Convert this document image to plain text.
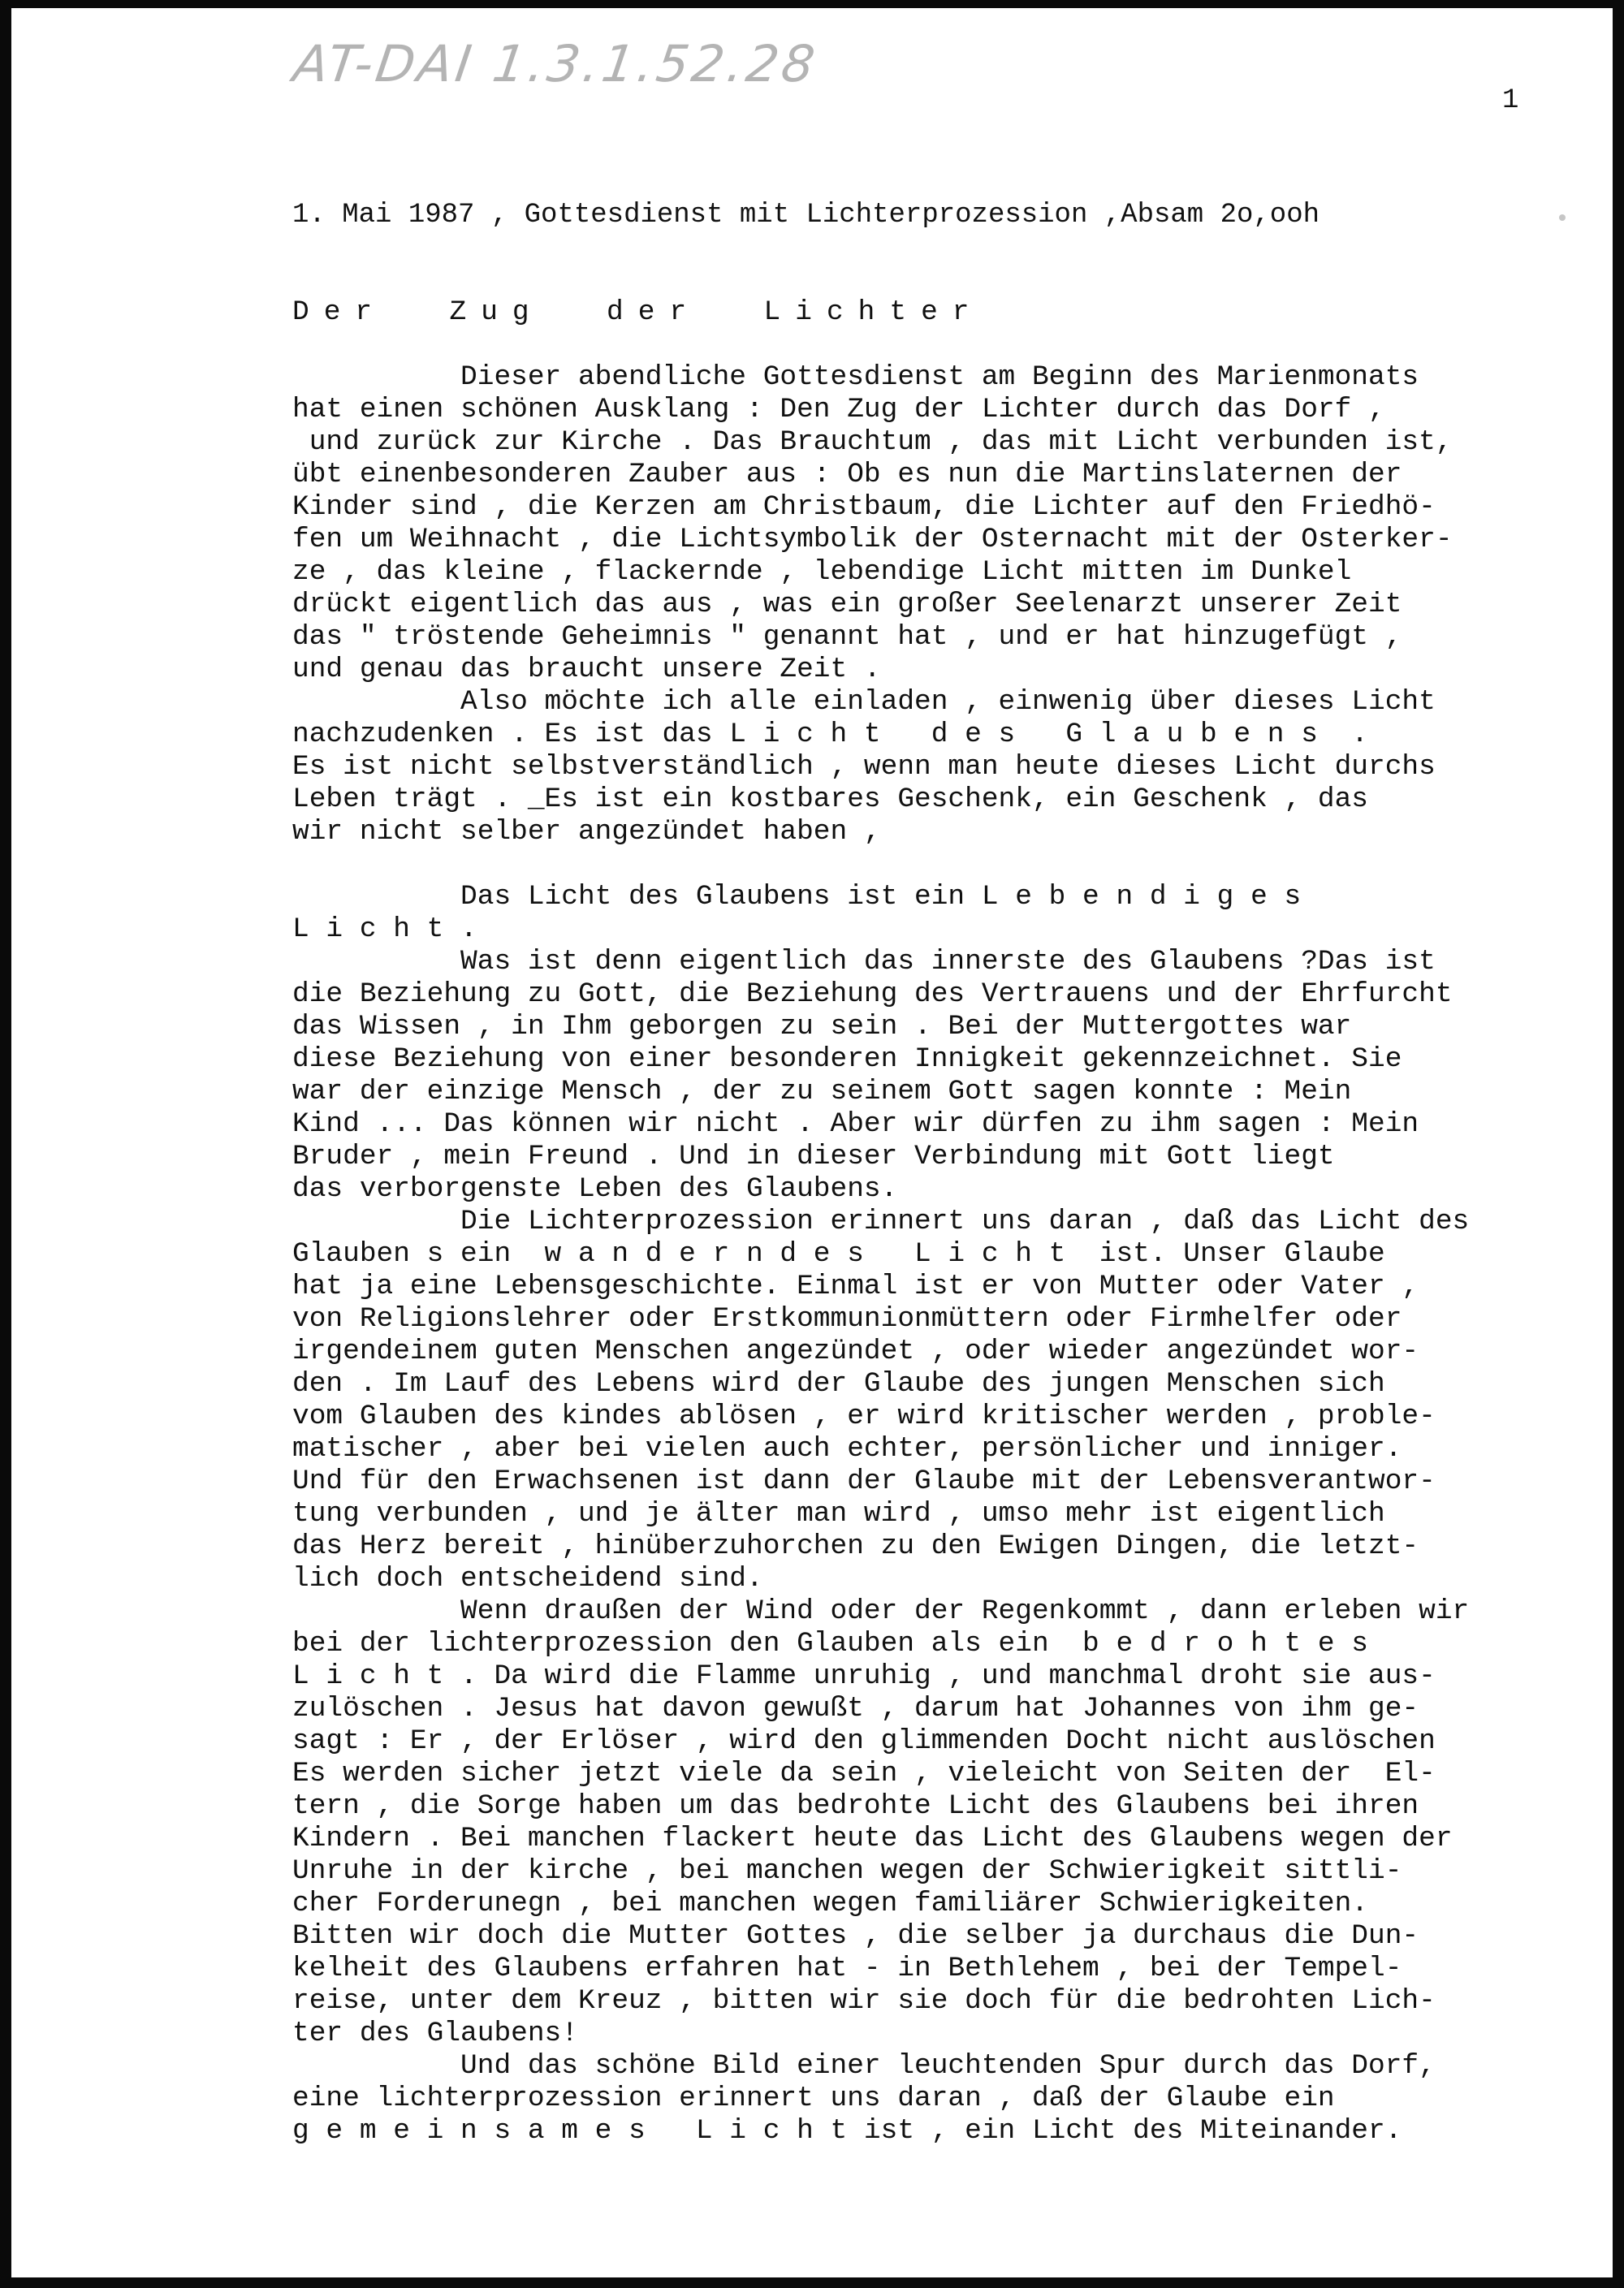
AT-DAI 1.3.1.52.28
1
1. Mai 1987 , Gottesdienst mit Lichterprozession ,Absam 2o,ooh
Der  Zug  der  Lichter
Dieser abendliche Gottesdienst am Beginn des Marienmonats
hat einen schönen Ausklang : Den Zug der Lichter durch das Dorf ,
und zurück zur Kirche . Das Brauchtum , das mit Licht verbunden ist,
übt einenbesonderen Zauber aus : Ob es nun die Martinslaternen der
Kinder sind , die Kerzen am Christbaum, die Lichter auf den Friedhö-
fen um Weihnacht , die Lichtsymbolik der Osternacht mit der Osterker-
ze , das kleine , flackernde , lebendige Licht mitten im Dunkel
drückt eigentlich das aus , was ein großer Seelenarzt unserer Zeit
das " tröstende Geheimnis " genannt hat , und er hat hinzugefügt ,
und genau das braucht unsere Zeit .
Also möchte ich alle einladen , einwenig über dieses Licht
nachzudenken . Es ist das L i c h t   d e s   G l a u b e n s  .
Es ist nicht selbstverständlich , wenn man heute dieses Licht durchs
Leben trägt . _Es ist ein kostbares Geschenk, ein Geschenk , das
wir nicht selber angezündet haben ,
Das Licht des Glaubens ist ein L e b e n d i g e s
L i c h t .
Was ist denn eigentlich das innerste des Glaubens ?Das ist
die Beziehung zu Gott, die Beziehung des Vertrauens und der Ehrfurcht
das Wissen , in Ihm geborgen zu sein . Bei der Muttergottes war
diese Beziehung von einer besonderen Innigkeit gekennzeichnet. Sie
war der einzige Mensch , der zu seinem Gott sagen konnte : Mein
Kind ... Das können wir nicht . Aber wir dürfen zu ihm sagen : Mein
Bruder , mein Freund . Und in dieser Verbindung mit Gott liegt
das verborgenste Leben des Glaubens.
Die Lichterprozession erinnert uns daran , daß das Licht des
Glauben s ein  w a n d e r n d e s   L i c h t  ist. Unser Glaube
hat ja eine Lebensgeschichte. Einmal ist er von Mutter oder Vater ,
von Religionslehrer oder Erstkommunionmüttern oder Firmhelfer oder
irgendeinem guten Menschen angezündet , oder wieder angezündet wor-
den . Im Lauf des Lebens wird der Glaube des jungen Menschen sich
vom Glauben des kindes ablösen , er wird kritischer werden , proble-
matischer , aber bei vielen auch echter, persönlicher und inniger.
Und für den Erwachsenen ist dann der Glaube mit der Lebensverantwor-
tung verbunden , und je älter man wird , umso mehr ist eigentlich
das Herz bereit , hinüberzuhorchen zu den Ewigen Dingen, die letzt-
lich doch entscheidend sind.
Wenn draußen der Wind oder der Regenkommt , dann erleben wir
bei der lichterprozession den Glauben als ein  b e d r o h t e s
L i c h t . Da wird die Flamme unruhig , und manchmal droht sie aus-
zulöschen . Jesus hat davon gewußt , darum hat Johannes von ihm ge-
sagt : Er , der Erlöser , wird den glimmenden Docht nicht auslöschen
Es werden sicher jetzt viele da sein , vieleicht von Seiten der  El-
tern , die Sorge haben um das bedrohte Licht des Glaubens bei ihren
Kindern . Bei manchen flackert heute das Licht des Glaubens wegen der
Unruhe in der kirche , bei manchen wegen der Schwierigkeit sittli-
cher Forderunegn , bei manchen wegen familiärer Schwierigkeiten.
Bitten wir doch die Mutter Gottes , die selber ja durchaus die Dun-
kelheit des Glaubens erfahren hat - in Bethlehem , bei der Tempel-
reise, unter dem Kreuz , bitten wir sie doch für die bedrohten Lich-
ter des Glaubens!
Und das schöne Bild einer leuchtenden Spur durch das Dorf,
eine lichterprozession erinnert uns daran , daß der Glaube ein
g e m e i n s a m e s   L i c h t ist , ein Licht des Miteinander.
